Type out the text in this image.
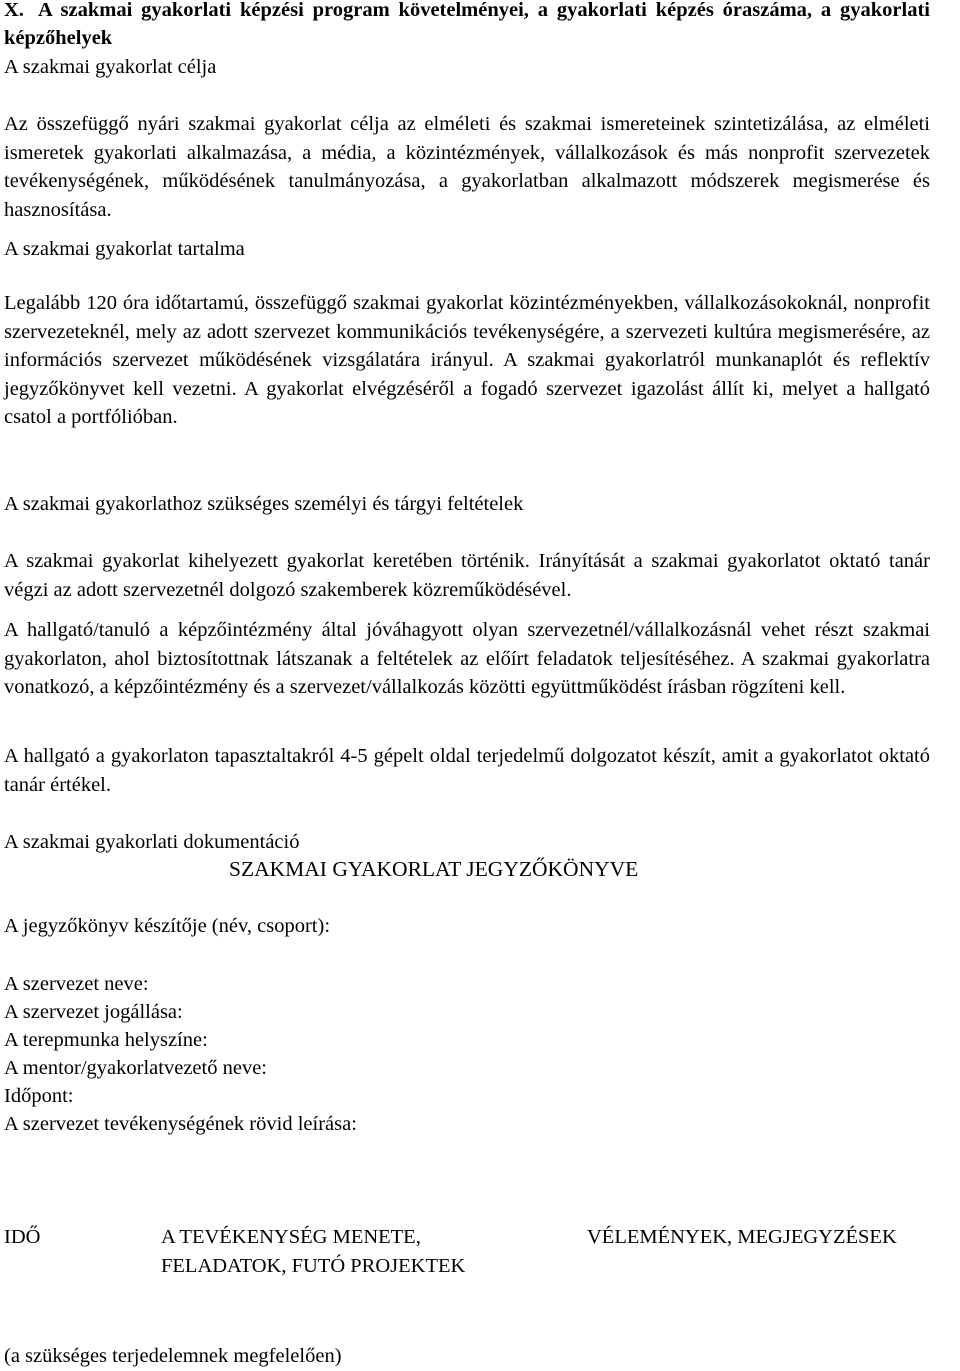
X. A szakmai gyakorlati képzési program követelményei, a gyakorlati képzés óraszáma, a gyakorlati képzőhelyek

A szakmai gyakorlat célja

Az összefüggő nyári szakmai gyakorlat célja az elméleti és szakmai ismereteinek szintetizálása, az elméleti ismeretek gyakorlati alkalmazása, a média, a közintézmények, vállalkozások és más nonprofit szervezetek tevékenységének, működésének tanulmányozása, a gyakorlatban alkalmazott módszerek megismerése és hasznosítása.

A szakmai gyakorlat tartalma

Legalább 120 óra időtartamú, összefüggő szakmai gyakorlat közintézményekben, vállalkozásokoknál, nonprofit szervezeteknél, mely az adott szervezet kommunikációs tevékenységére, a szervezeti kultúra megismerésére, az információs szervezet működésének vizsgálatára irányul. A szakmai gyakorlatról munkanaplót és reflektív jegyzőkönyvet kell vezetni. A gyakorlat elvégzéséről a fogadó szervezet igazolást állít ki, melyet a hallgató csatol a portfólióban.

A szakmai gyakorlathoz szükséges személyi és tárgyi feltételek

A szakmai gyakorlat kihelyezett gyakorlat keretében történik. Irányítását a szakmai gyakorlatot oktató tanár végzi az adott szervezetnél dolgozó szakemberek közreműködésével.

A hallgató/tanuló a képzőintézmény által jóváhagyott olyan szervezetnél/vállalkozásnál vehet részt szakmai gyakorlaton, ahol biztosítottnak látszanak a feltételek az előírt feladatok teljesítéséhez. A szakmai gyakorlatra vonatkozó, a képzőintézmény és a szervezet/vállalkozás közötti együttműködést írásban rögzíteni kell.

A hallgató a gyakorlaton tapasztaltakról 4-5 gépelt oldal terjedelmű dolgozatot készít, amit a gyakorlatot oktató tanár értékel.

A szakmai gyakorlati dokumentáció

SZAKMAI GYAKORLAT JEGYZŐKÖNYVE

A jegyzőkönyv készítője (név, csoport):

A szervezet neve:

A szervezet jogállása:

A terepmunka helyszíne:

A mentor/gyakorlatvezető neve:

Időpont:

A szervezet tevékenységének rövid leírása:

IDŐ	A TEVÉKENYSÉG MENETE,
FELADATOK, FUTÓ PROJEKTEK
VÉLEMÉNYEK, MEGJEGYZÉSEK

(a szükséges terjedelemnek megfelelően)
